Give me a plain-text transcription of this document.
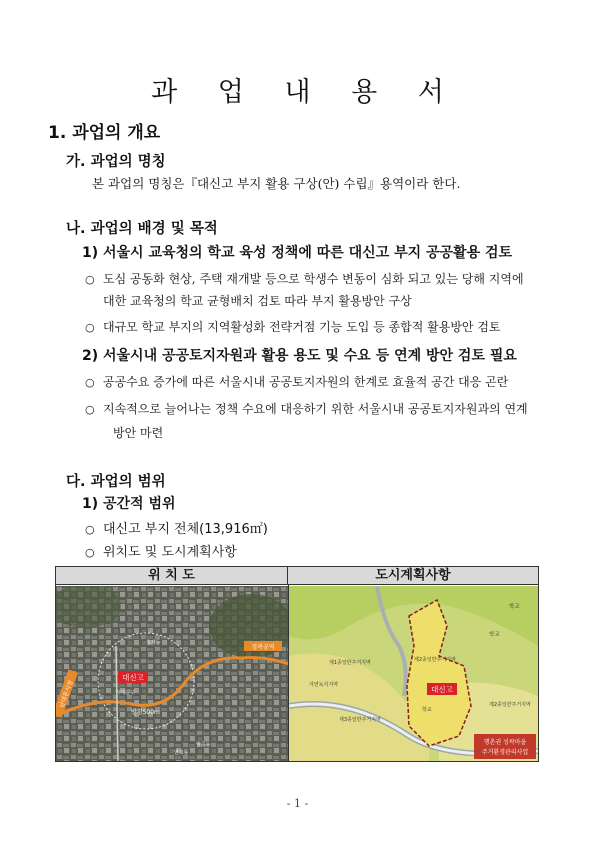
과 업 내 용 서
1. 과업의 개요
가. 과업의 명칭
본 과업의 명칭은『대신고 부지 활용 구상(안) 수립』용역이라 한다.
나. 과업의 배경 및 목적
1) 서울시 교육청의 학교 육성 정책에 따른 대신고 부지 공공활용 검토
○ 도심 공동화 현상, 주택 재개발 등으로 학생수 변동이 심화 되고 있는 당해 지역에
대한 교육청의 학교 균형배치 검토 따라 부지 활용방안 구상
○ 대규모 학교 부지의 지역활성화 전략거점 기능 도입 등 종합적 활용방안 검토
2) 서울시내 공공토지자원과 활용 용도 및 수요 등 연계 방안 검토 필요
○ 공공수요 증가에 따른 서울시내 공공토지자원의 한계로 효율적 공간 대응 곤란
○ 지속적으로 늘어나는 정책 수요에 대응하기 위한 서울시내 공공토지자원과의 연계
방안 마련
다. 과업의 범위
1) 공간적 범위
○ 대신고 부지 전체(13,916㎡)
○ 위치도 및 도시계획사항
위 치 도	도시계획사항
대신고
경복궁역
남대문시장
반경500m
서대문구
홍제동
월곡동
연희동
대신고
학교
학교
제1종일반주거지역	제2종일반주거지역
제3종일반주거지역
자연녹지지역
제2종일반주거지역
학교
행촌권 성곽마을
주거환경관리사업
- 1 -
